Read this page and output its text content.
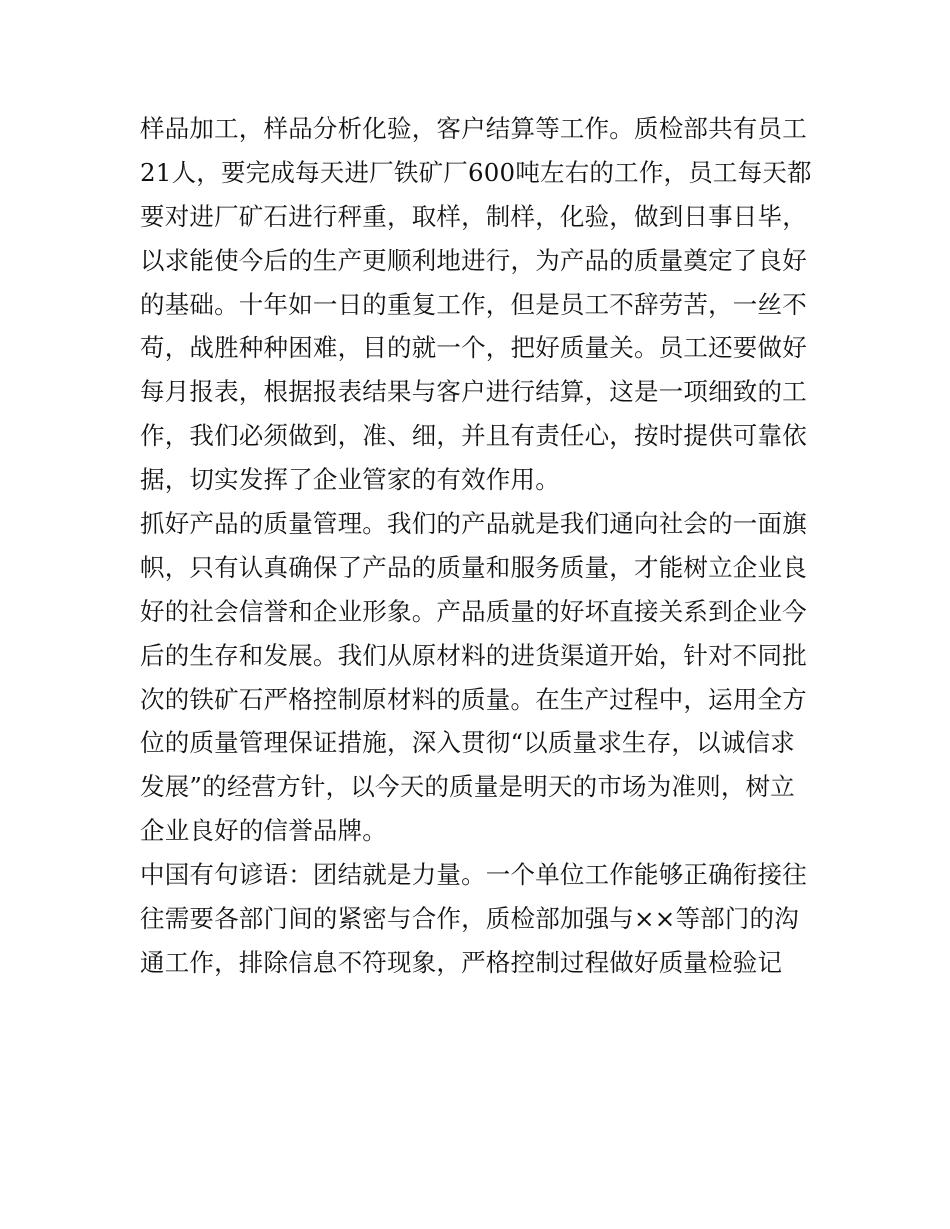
样品加工，样品分析化验，客户结算等工作。质检部共有员工
21人，要完成每天进厂铁矿厂600吨左右的工作，员工每天都
要对进厂矿石进行秤重，取样，制样，化验，做到日事日毕，
以求能使今后的生产更顺利地进行，为产品的质量奠定了良好
的基础。十年如一日的重复工作，但是员工不辞劳苦，一丝不
苟，战胜种种困难，目的就一个，把好质量关。员工还要做好
每月报表，根据报表结果与客户进行结算，这是一项细致的工
作，我们必须做到，准、细，并且有责任心，按时提供可靠依
据，切实发挥了企业管家的有效作用。
抓好产品的质量管理。我们的产品就是我们通向社会的一面旗
帜，只有认真确保了产品的质量和服务质量，才能树立企业良
好的社会信誉和企业形象。产品质量的好坏直接关系到企业今
后的生存和发展。我们从原材料的进货渠道开始，针对不同批
次的铁矿石严格控制原材料的质量。在生产过程中，运用全方
位的质量管理保证措施，深入贯彻“以质量求生存，以诚信求
发展”的经营方针，以今天的质量是明天的市场为准则，树立
企业良好的信誉品牌。
中国有句谚语：团结就是力量。一个单位工作能够正确衔接往
往需要各部门间的紧密与合作，质检部加强与××等部门的沟
通工作，排除信息不符现象，严格控制过程做好质量检验记
